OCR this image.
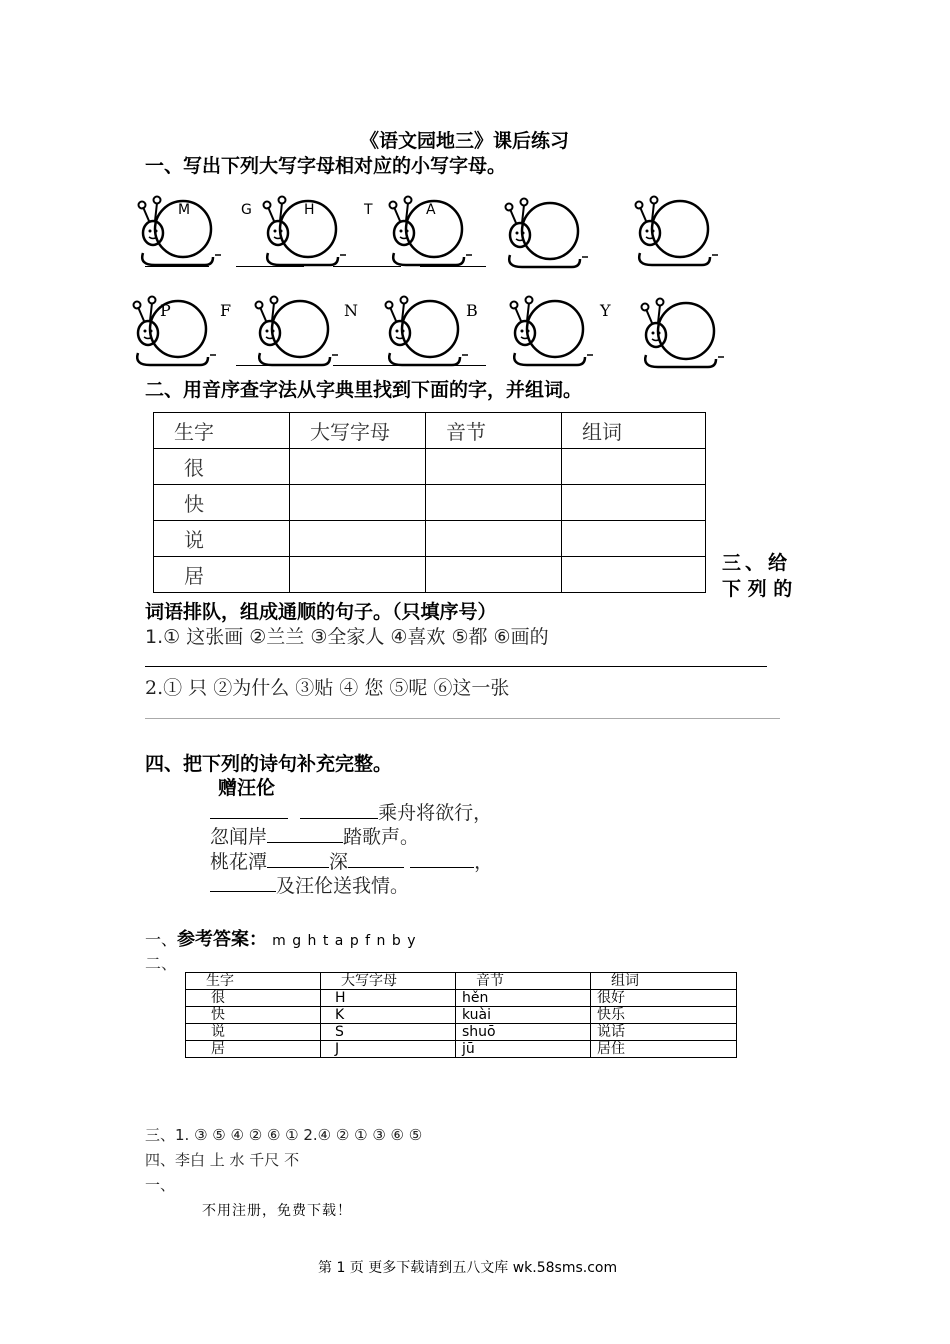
《语文园地三》课后练习
一、写出下列大写字母相对应的小写字母。
M	G	H	T	A
P	F	N	B	Y
二、用音序查字法从字典里找到下面的字，并组词。
生字	大写字母	音节	组词
很			
快			
说			
居			
三、给
下 列 的
词语排队，组成通顺的句子。（只填序号）
1.① 这张画 ②兰兰 ③全家人 ④喜欢 ⑤都 ⑥画的
2.① 只 ②为什么 ③贴 ④ 您 ⑤呢 ⑥这一张
四、把下列的诗句补充完整。
赠汪伦
乘舟将欲行，
忽闻岸	踏歌声。
桃花潭	深	，
及汪伦送我情。
一、参考答案： m g h t a p f n b y
二、
生字	大写字母	音节	组词
很	H	hěn	很好
快	K	kuài	快乐
说	S	shuō	说话
居	J	jū	居住
三、1. ③ ⑤ ④ ② ⑥ ① 2.④ ② ① ③ ⑥ ⑤
四、李白 上 水 千尺 不
一、
不用注册，免费下载！
第 1 页 更多下载请到五八文库 wk.58sms.com
